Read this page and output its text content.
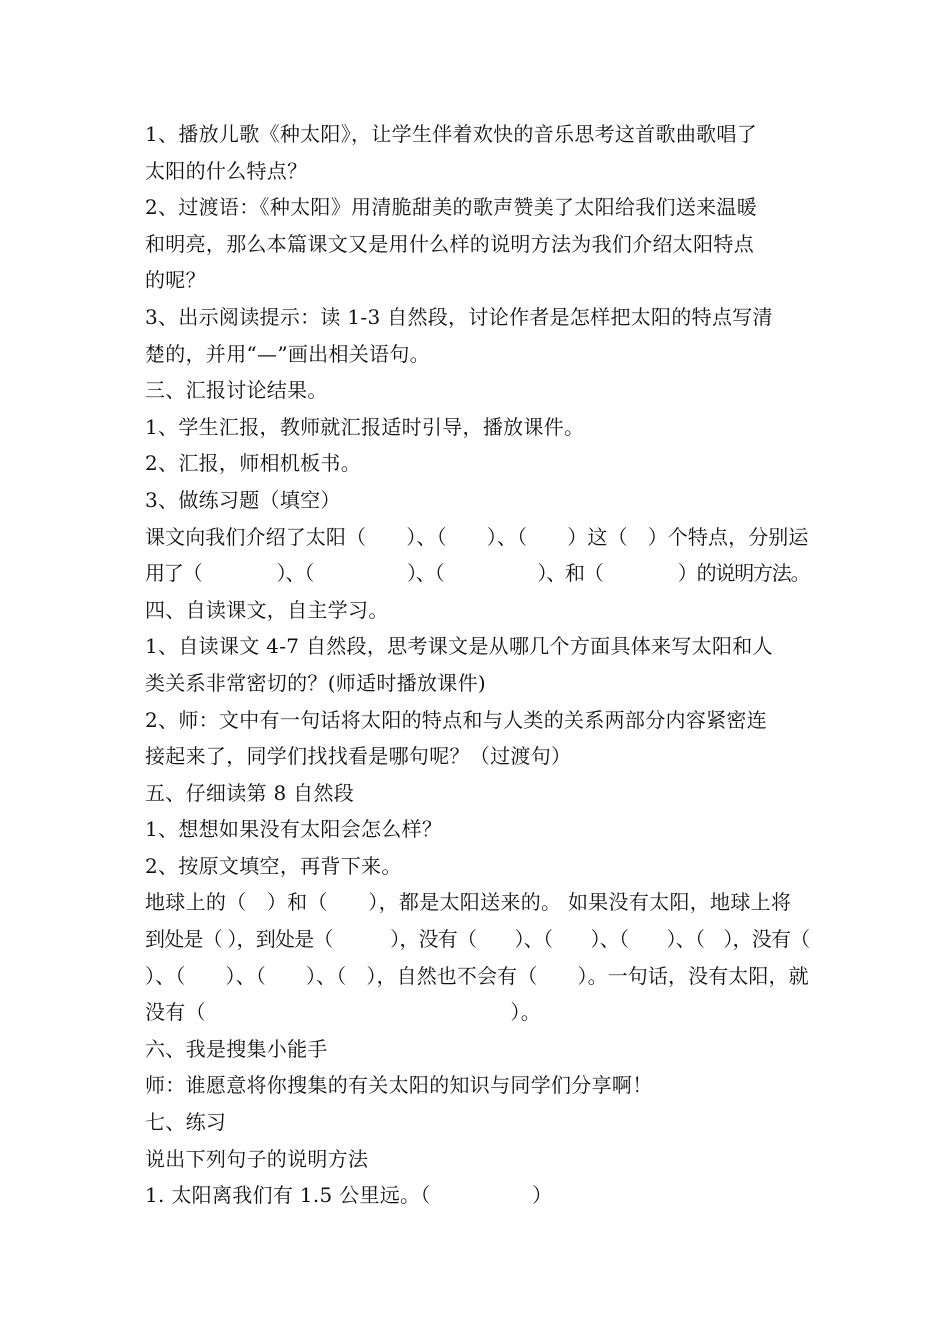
1、播放儿歌《种太阳》，让学生伴着欢快的音乐思考这首歌曲歌唱了
太阳的什么特点？
2、过渡语：《种太阳》用清脆甜美的歌声赞美了太阳给我们送来温暖
和明亮，那么本篇课文又是用什么样的说明方法为我们介绍太阳特点
的呢？
3、出示阅读提示：读 1-3 自然段，讨论作者是怎样把太阳的特点写清
楚的，并用“—”画出相关语句。
三、汇报讨论结果。
1、学生汇报，教师就汇报适时引导，播放课件。
2、汇报，师相机板书。
3、做练习题（填空）
课文向我们介绍了太阳（　　）、（　　）、（　　）这（　）个特点，分别运
用了（　　　　）、（　　　　　）、（　　　　　）、和（　　　　）的说明方法。
四、自读课文，自主学习。
1、自读课文 4-7 自然段，思考课文是从哪几个方面具体来写太阳和人
类关系非常密切的？(师适时播放课件)
2、师：文中有一句话将太阳的特点和与人类的关系两部分内容紧密连
接起来了，同学们找找看是哪句呢？（过渡句）
五、仔细读第 8 自然段
1、想想如果没有太阳会怎么样？
2、按原文填空，再背下来。
地球上的（　）和（　　），都是太阳送来的。 如果没有太阳，地球上将
到处是（ ），到处是（　　　），没有（　　）、（　　）、（　　）、（　），没有（
）、（　　）、（　　）、（　），自然也不会有（　　）。一句话，没有太阳，就
没有（　　　　　　　　　　　　　　　）。
六、我是搜集小能手
师：谁愿意将你搜集的有关太阳的知识与同学们分享啊！
七、练习
说出下列句子的说明方法
1. 太阳离我们有 1.5 公里远。（　　　　　）
